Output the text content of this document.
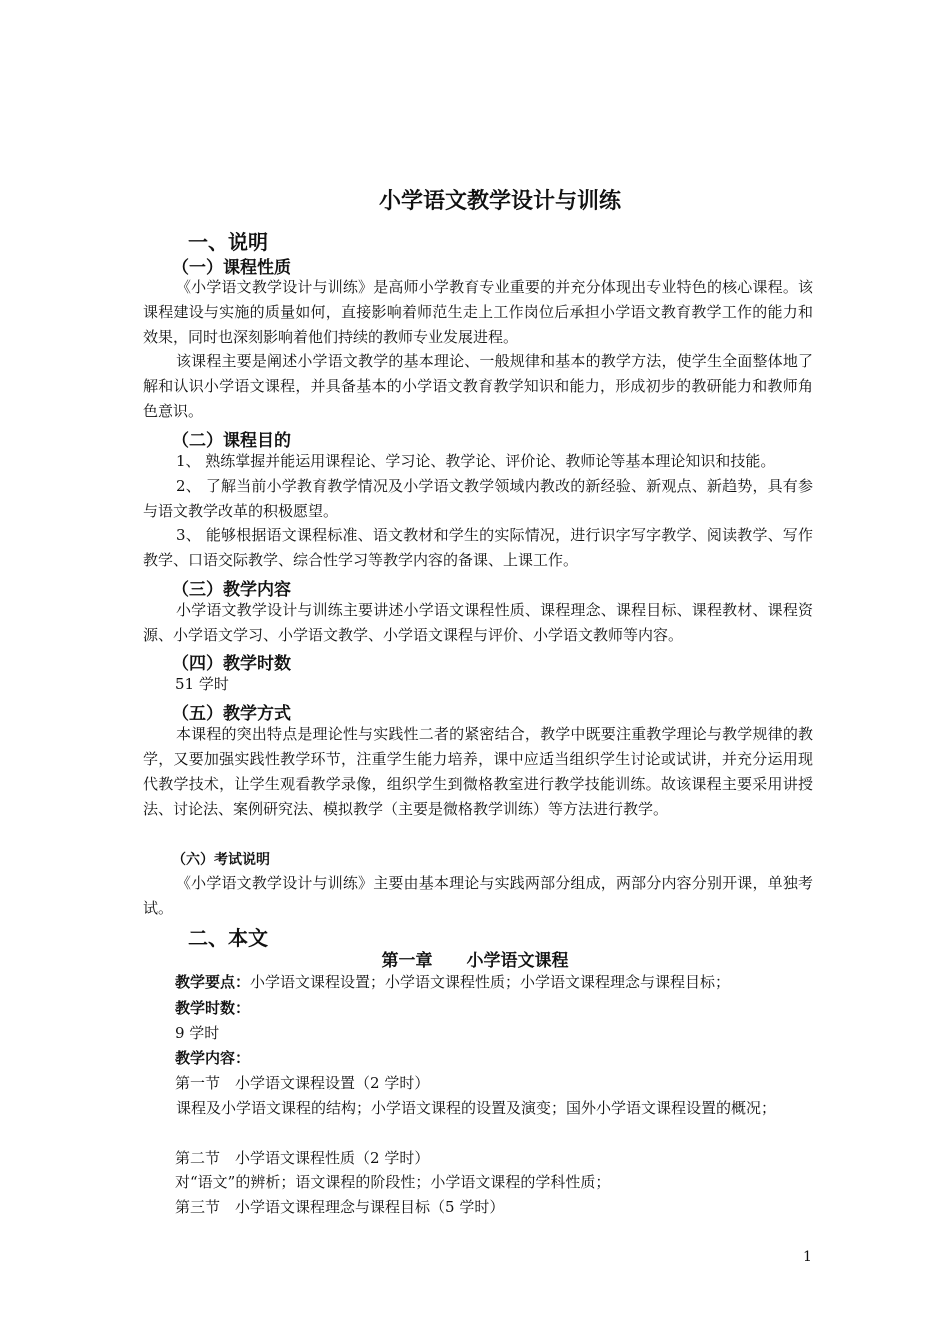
小学语文教学设计与训练
一、说明
（一）课程性质

《小学语文教学设计与训练》是高师小学教育专业重要的并充分体现出专业特色的核心课程。该课程建设与实施的质量如何，直接影响着师范生走上工作岗位后承担小学语文教育教学工作的能力和效果，同时也深刻影响着他们持续的教师专业发展进程。

该课程主要是阐述小学语文教学的基本理论、一般规律和基本的教学方法，使学生全面整体地了解和认识小学语文课程，并具备基本的小学语文教育教学知识和能力，形成初步的教研能力和教师角色意识。

（二）课程目的

1、 熟练掌握并能运用课程论、学习论、教学论、评价论、教师论等基本理论知识和技能。

2、 了解当前小学教育教学情况及小学语文教学领域内教改的新经验、新观点、新趋势，具有参与语文教学改革的积极愿望。

3、 能够根据语文课程标准、语文教材和学生的实际情况，进行识字写字教学、阅读教学、写作教学、口语交际教学、综合性学习等教学内容的备课、上课工作。

（三）教学内容

小学语文教学设计与训练主要讲述小学语文课程性质、课程理念、课程目标、课程教材、课程资源、小学语文学习、小学语文教学、小学语文课程与评价、小学语文教师等内容。

（四）教学时数
51 学时
（五）教学方式

本课程的突出特点是理论性与实践性二者的紧密结合，教学中既要注重教学理论与教学规律的教学，又要加强实践性教学环节，注重学生能力培养，课中应适当组织学生讨论或试讲，并充分运用现代教学技术，让学生观看教学录像，组织学生到微格教室进行教学技能训练。故该课程主要采用讲授法、讨论法、案例研究法、模拟教学（主要是微格教学训练）等方法进行教学。

（六）考试说明

《小学语文教学设计与训练》主要由基本理论与实践两部分组成，两部分内容分别开课，单独考试。

二、本文
第一章 小学语文课程
教学要点：小学语文课程设置；小学语文课程性质；小学语文课程理念与课程目标；
教学时数：
9 学时
教学内容：
第一节　小学语文课程设置（2 学时）

课程及小学语文课程的结构；小学语文课程的设置及演变；国外小学语文课程设置的概况；

第二节　小学语文课程性质（2 学时）
对“语文”的辨析；语文课程的阶段性；小学语文课程的学科性质；
第三节　小学语文课程理念与课程目标（5 学时）
1
